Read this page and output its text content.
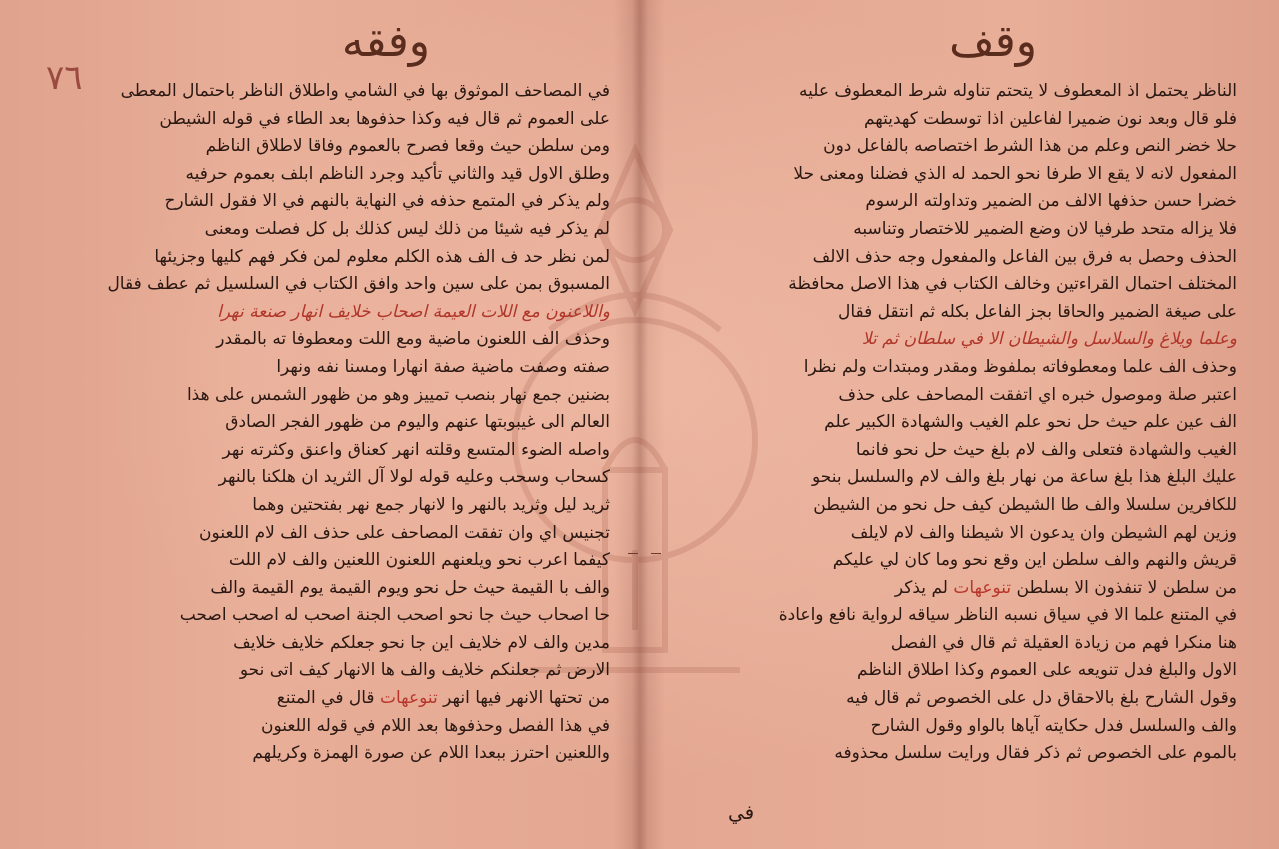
وفقه
٧٦	في المصاحف الموثوق بها في الشامي واطلاق الناظر باحتمال المعطى
على العموم ثم قال فيه وكذا حذفوها بعد الطاء في قوله الشيطن
ومن سلطن حيث وقعا فصرح بالعموم وفاقا لاطلاق الناظم
وطلق الاول قيد والثاني تأكيد وجرد الناظم ابلف بعموم حرفيه
ولم يذكر في المتمع حذفه في النهاية بالنهم في الا فقول الشارح
لم يذكر فيه شيئا من ذلك ليس كذلك بل كل فصلت ومعنى
لمن نظر حد ف الف هذه الكلم معلوم لمن فكر فهم كليها وجزيئها
المسبوق بمن على سين واحد وافق الكتاب في السلسيل ثم عطف فقال
واللاعنون مع اللات العيمة اصحاب خلايف انهار صنعة نهرا
وحذف الف اللعنون ماضية ومع اللت ومعطوفا ته بالمقدر
صفته وصفت ماضية صفة انهارا ومسنا نفه ونهرا
بضنين جمع نهار بنصب تمييز وهو من ظهور الشمس على هذا
العالم الى غيبوبتها عنهم واليوم من ظهور الفجر الصادق
واصله الضوء المتسع وقلته انهر كعناق واعنق وكثرته نهر
كسحاب وسحب وعليه قوله لولا آل الثريد ان هلكنا بالنهر
ثريد ليل وثريد بالنهر وا لانهار جمع نهر بفتحتين وهما
تجنيس اي وان تفقت المصاحف على حذف الف لام اللعنون
كيفما اعرب نحو ويلعنهم اللعنون اللعنين والف لام اللت
والف با القيمة حيث حل نحو ويوم القيمة يوم القيمة والف
حا اصحاب حيث جا نحو اصحب الجنة اصحب له اصحب اصحب
مدين والف لام خلايف اين جا نحو جعلكم خلايف خلايف
الارض ثم جعلنكم خلايف والف ها الانهار كيف اتى نحو
من تحتها الانهر فيها انهر تنوعهات قال في المتنع
في هذا الفصل وحذفوها بعد اللام في قوله اللعنون
واللعنين احترز ببعدا اللام عن صورة الهمزة وكريلهم
وقف
الناظر يحتمل اذ المعطوف لا يتحتم تناوله شرط المعطوف عليه
فلو قال وبعد نون ضميرا لفاعلين اذا توسطت كهديتهم
حلا خضر النص وعلم من هذا الشرط اختصاصه بالفاعل دون
المفعول لانه لا يقع الا طرفا نحو الحمد له الذي فضلنا ومعنى حلا
خضرا حسن حذفها الالف من الضمير وتداولته الرسوم
فلا يزاله متحد طرفيا لان وضع الضمير للاختصار وتناسبه
الحذف وحصل به فرق بين الفاعل والمفعول وجه حذف الالف
المختلف احتمال القراءتين وخالف الكتاب في هذا الاصل محافظة
على صيغة الضمير والحاقا بجز الفاعل بكله ثم انتقل فقال
وعلما ويلاغ والسلاسل والشيطان الا في سلطان ثم تلا
وحذف الف علما ومعطوفاته بملفوظ ومقدر ومبتدات ولم نظرا
اعتبر صلة وموصول خبره اي اتفقت المصاحف على حذف
الف عين علم حيث حل نحو علم الغيب والشهادة الكبير علم
الغيب والشهادة فتعلى والف لام بلغ حيث حل نحو فانما
عليك البلغ هذا بلغ ساعة من نهار بلغ والف لام والسلسل بنحو
للكافرين سلسلا والف طا الشيطن كيف حل نحو من الشيطن
وزين لهم الشيطن وان يدعون الا شيطنا والف لام لايلف
قريش والنهم والف سلطن اين وقع نحو وما كان لي عليكم
من سلطن لا تنفذون الا بسلطن تنوعهات لم يذكر
في المتنع علما الا في سياق نسبه الناظر سياقه لرواية نافع واعادة
هنا منكرا فهم من زيادة العقيلة ثم قال في الفصل
الاول والبلغ فدل تنويعه على العموم وكذا اطلاق الناظم
وقول الشارح بلغ بالاحقاق دل على الخصوص ثم قال فيه
والف والسلسل فدل حكايته آياها بالواو وقول الشارح
بالموم على الخصوص ثم ذكر فقال ورايت سلسل محذوفه
في
